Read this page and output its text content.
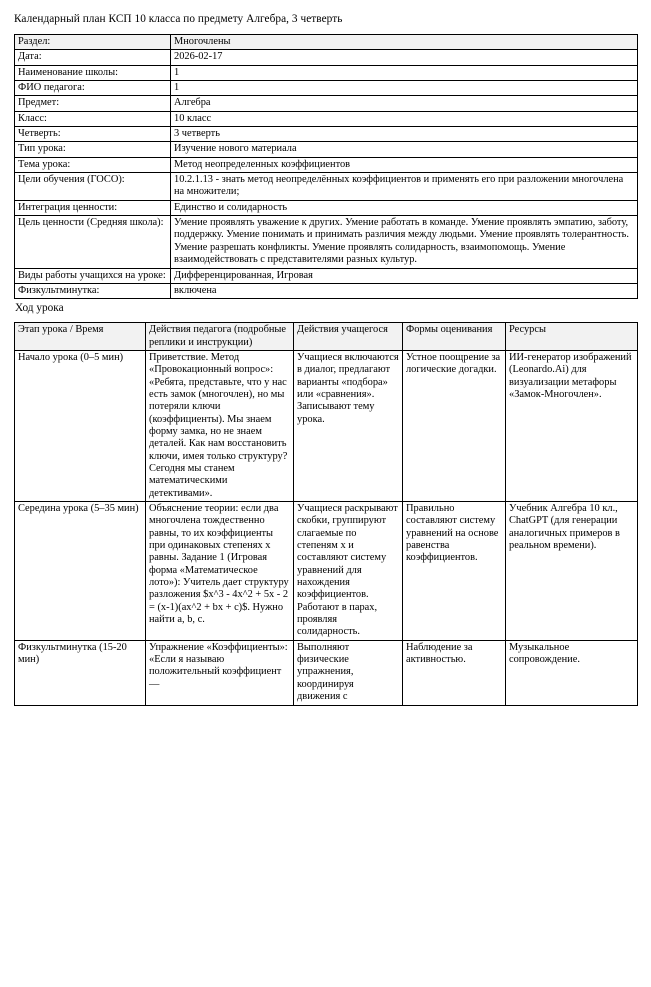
Календарный план КСП 10 класса по предмету Алгебра, 3 четверть
Раздел:	Многочлены
Дата:	2026-02-17
Наименование школы:	1
ФИО педагога:	1
Предмет:	Алгебра
Класс:	10 класс
Четверть:	3 четверть
Тип урока:	Изучение нового материала
Тема урока:	Метод неопределенных коэффициентов
Цели обучения (ГОСО):	10.2.1.13 - знать метод неопределённых коэффициентов и применять его при разложении многочлена на множители;
Интеграция ценности:	Единство и солидарность
Цель ценности (Средняя школа):	Умение проявлять уважение к других. Умение работать в команде. Умение проявлять эмпатию, заботу, поддержку. Умение понимать и принимать различия между людьми. Умение проявлять толерантность. Умение разрешать конфликты. Умение проявлять солидарность, взаимопомощь. Умение взаимодействовать с представителями разных культур.
Виды работы учащихся на уроке:	Дифференцированная, Игровая
Физкультминутка:	включена
Ход урока
Этап урока / Время	Действия педагога (подробные реплики и инструкции)	Действия учащегося	Формы оценивания	Ресурсы
Начало урока (0–5 мин)	Приветствие. Метод «Провокационный вопрос»: «Ребята, представьте, что у нас есть замок (многочлен), но мы потеряли ключи (коэффициенты). Мы знаем форму замка, но не знаем деталей. Как нам восстановить ключи, имея только структуру? Сегодня мы станем математическими детективами».	Учащиеся включаются в диалог, предлагают варианты «подбора» или «сравнения». Записывают тему урока.	Устное поощрение за логические догадки.	ИИ-генератор изображений (Leonardo.Ai) для визуализации метафоры «Замок-Многочлен».
Середина урока (5–35 мин)	Объяснение теории: если два многочлена тождественно равны, то их коэффициенты при одинаковых степенях x равны. Задание 1 (Игровая форма «Математическое лото»): Учитель дает структуру разложения $x^3 - 4x^2 + 5x - 2 = (x-1)(ax^2 + bx + c)$. Нужно найти a, b, c.	Учащиеся раскрывают скобки, группируют слагаемые по степеням x и составляют систему уравнений для нахождения коэффициентов. Работают в парах, проявляя солидарность.	Правильно составляют систему уравнений на основе равенства коэффициентов.	Учебник Алгебра 10 кл., ChatGPT (для генерации аналогичных примеров в реальном времени).
Физкультминутка (15-20 мин)	Упражнение «Коэффициенты»: «Если я называю положительный коэффициент —	Выполняют физические упражнения, координируя движения с	Наблюдение за активностью.	Музыкальное сопровождение.
